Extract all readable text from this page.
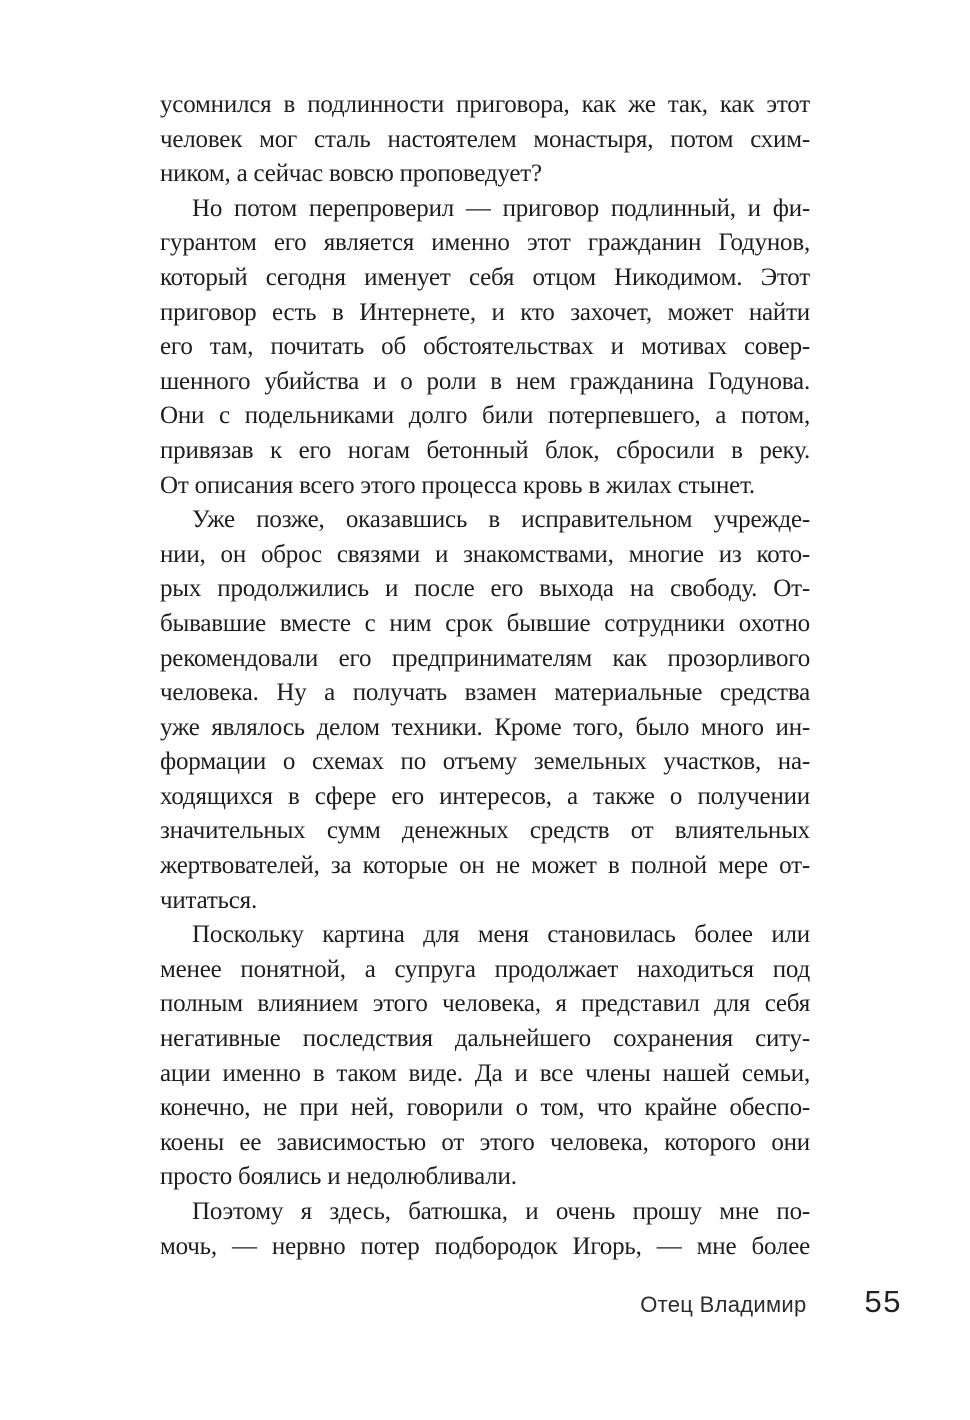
усомнился в подлинности приговора, как же так, как этот
человек мог сталь настоятелем монастыря, потом схим-
ником, а сейчас вовсю проповедует?
Но потом перепроверил — приговор подлинный, и фи-
гурантом его является именно этот гражданин Годунов,
который сегодня именует себя отцом Никодимом. Этот
приговор есть в Интернете, и кто захочет, может найти
его там, почитать об обстоятельствах и мотивах совер-
шенного убийства и о роли в нем гражданина Годунова.
Они с подельниками долго били потерпевшего, а потом,
привязав к его ногам бетонный блок, сбросили в реку.
От описания всего этого процесса кровь в жилах стынет.
Уже позже, оказавшись в исправительном учрежде-
нии, он оброс связями и знакомствами, многие из кото-
рых продолжились и после его выхода на свободу. От-
бывавшие вместе с ним срок бывшие сотрудники охотно
рекомендовали его предпринимателям как прозорливого
человека. Ну а получать взамен материальные средства
уже являлось делом техники. Кроме того, было много ин-
формации о схемах по отъему земельных участков, на-
ходящихся в сфере его интересов, а также о получении
значительных сумм денежных средств от влиятельных
жертвователей, за которые он не может в полной мере от-
читаться.
Поскольку картина для меня становилась более или
менее понятной, а супруга продолжает находиться под
полным влиянием этого человека, я представил для себя
негативные последствия дальнейшего сохранения ситу-
ации именно в таком виде. Да и все члены нашей семьи,
конечно, не при ней, говорили о том, что крайне обеспо-
коены ее зависимостью от этого человека, которого они
просто боялись и недолюбливали.
Поэтому я здесь, батюшка, и очень прошу мне по-
мочь, — нервно потер подбородок Игорь, — мне более
Отец Владимир 55
